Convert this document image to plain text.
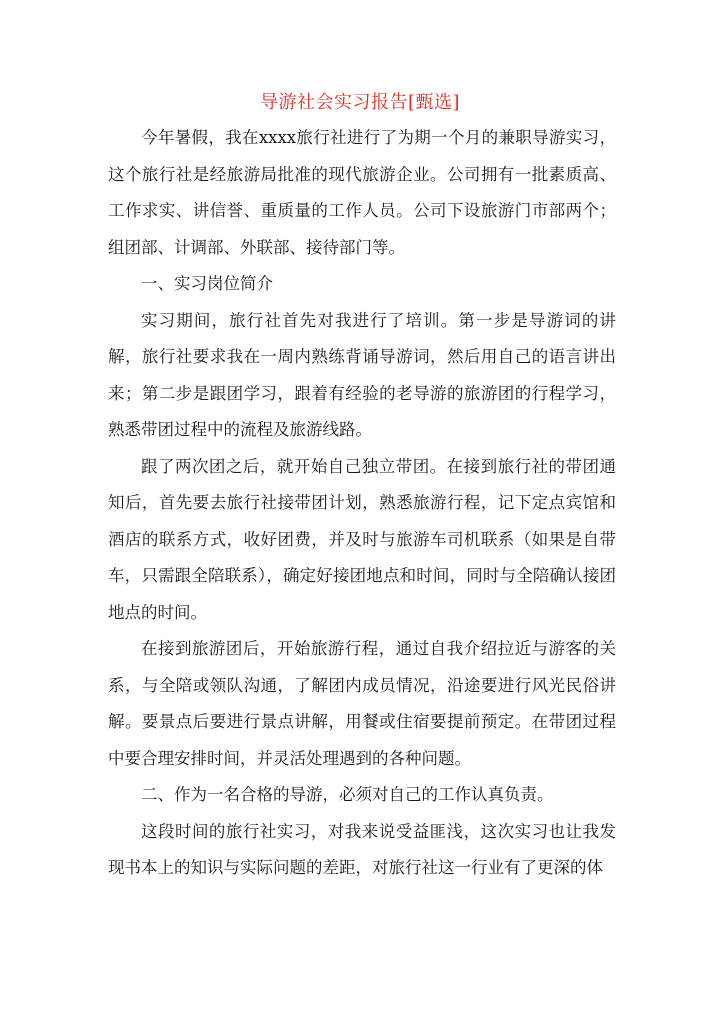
导游社会实习报告[甄选]

今年暑假，我在xxxx旅行社进行了为期一个月的兼职导游实习，这个旅行社是经旅游局批准的现代旅游企业。公司拥有一批素质高、工作求实、讲信誉、重质量的工作人员。公司下设旅游门市部两个；组团部、计调部、外联部、接待部门等。

一、实习岗位简介

实习期间，旅行社首先对我进行了培训。第一步是导游词的讲解，旅行社要求我在一周内熟练背诵导游词，然后用自己的语言讲出来；第二步是跟团学习，跟着有经验的老导游的旅游团的行程学习，熟悉带团过程中的流程及旅游线路。

跟了两次团之后，就开始自己独立带团。在接到旅行社的带团通知后，首先要去旅行社接带团计划，熟悉旅游行程，记下定点宾馆和酒店的联系方式，收好团费，并及时与旅游车司机联系（如果是自带车，只需跟全陪联系），确定好接团地点和时间，同时与全陪确认接团地点的时间。

在接到旅游团后，开始旅游行程，通过自我介绍拉近与游客的关系，与全陪或领队沟通，了解团内成员情况，沿途要进行风光民俗讲解。要景点后要进行景点讲解，用餐或住宿要提前预定。在带团过程中要合理安排时间，并灵活处理遇到的各种问题。

二、作为一名合格的导游，必须对自己的工作认真负责。

这段时间的旅行社实习，对我来说受益匪浅，这次实习也让我发现书本上的知识与实际问题的差距，对旅行社这一行业有了更深的体
